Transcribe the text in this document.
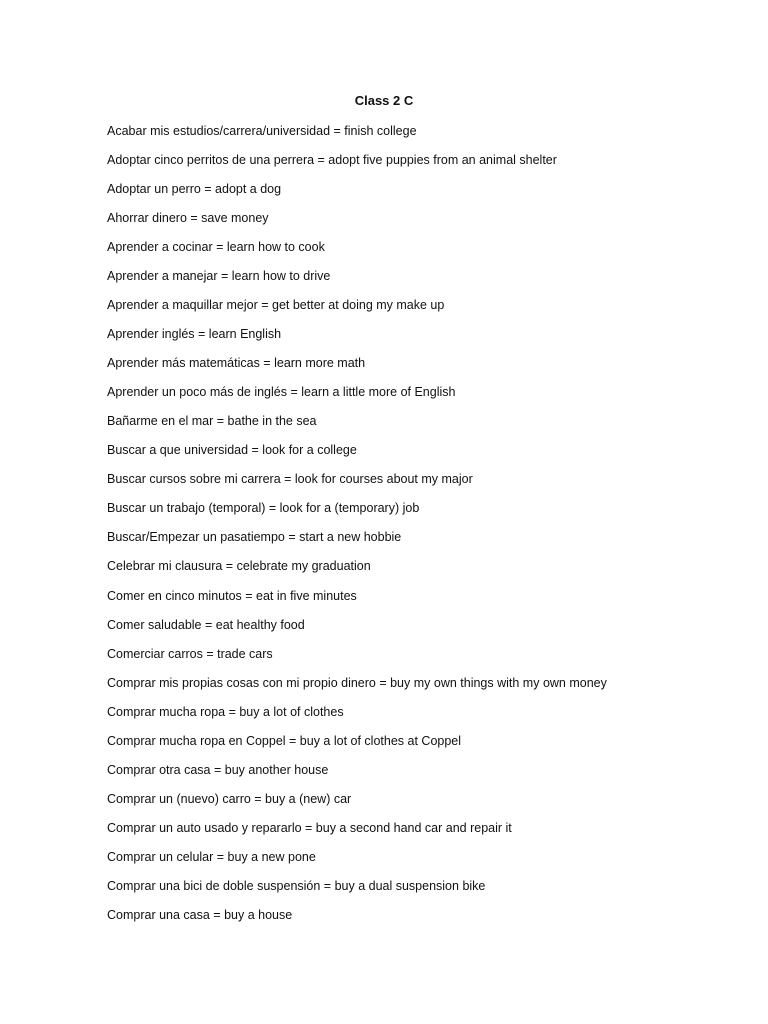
Class 2 C
Acabar mis estudios/carrera/universidad = finish college
Adoptar cinco perritos de una perrera = adopt five puppies from an animal shelter
Adoptar un perro = adopt a dog
Ahorrar dinero = save money
Aprender a cocinar = learn how to cook
Aprender a manejar = learn how to drive
Aprender a maquillar mejor = get better at doing my make up
Aprender inglés = learn English
Aprender más matemáticas = learn more math
Aprender un poco más de inglés = learn a little more of English
Bañarme en el mar = bathe in the sea
Buscar a que universidad = look for a college
Buscar cursos sobre mi carrera = look for courses about my major
Buscar un trabajo (temporal) = look for a (temporary) job
Buscar/Empezar un pasatiempo = start a new hobbie
Celebrar mi clausura = celebrate my graduation
Comer en cinco minutos = eat in five minutes
Comer saludable = eat healthy food
Comerciar carros = trade cars
Comprar mis propias cosas con mi propio dinero = buy my own things with my own money
Comprar mucha ropa = buy a lot of clothes
Comprar mucha ropa en Coppel = buy a lot of clothes at Coppel
Comprar otra casa = buy another house
Comprar un (nuevo) carro = buy a (new) car
Comprar un auto usado y repararlo = buy a second hand car and repair it
Comprar un celular = buy a new pone
Comprar una bici de doble suspensión = buy a dual suspension bike
Comprar una casa = buy a house
